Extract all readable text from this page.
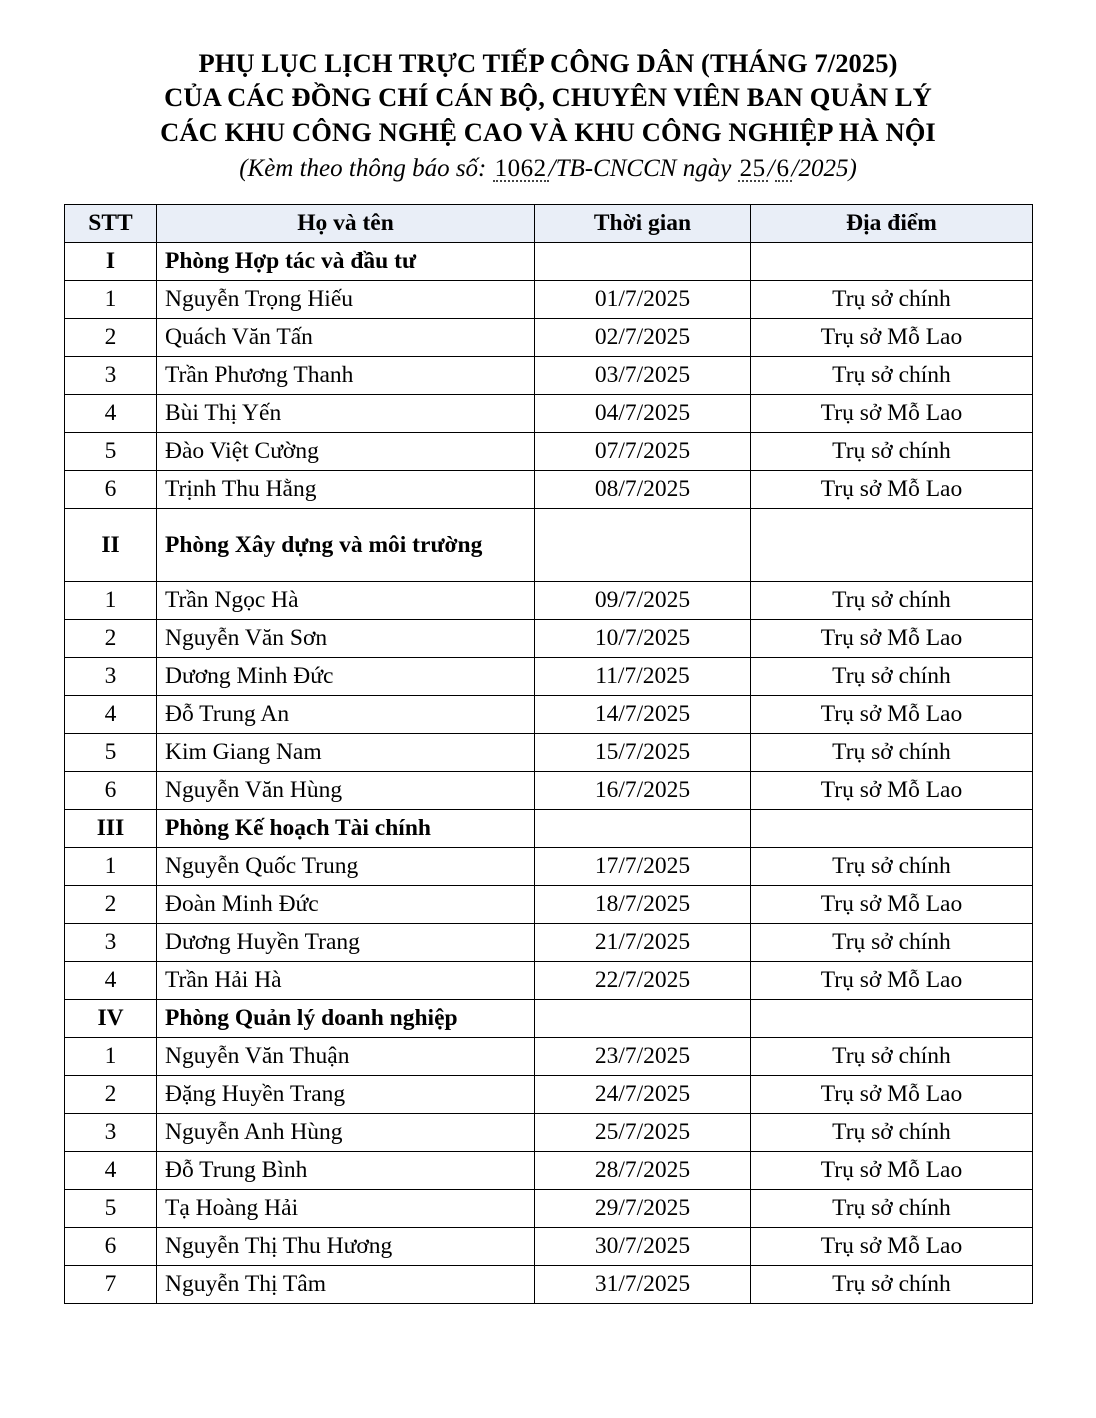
PHỤ LỤC LỊCH TRỰC TIẾP CÔNG DÂN (THÁNG 7/2025)
CỦA CÁC ĐỒNG CHÍ CÁN BỘ, CHUYÊN VIÊN BAN QUẢN LÝ
CÁC KHU CÔNG NGHỆ CAO VÀ KHU CÔNG NGHIỆP HÀ NỘI
(Kèm theo thông báo số: 1062/TB-CNCCN ngày 25/6/2025)
STT	Họ và tên	Thời gian	Địa điểm
I	Phòng Hợp tác và đầu tư		
1	Nguyễn Trọng Hiếu	01/7/2025	Trụ sở chính
2	Quách Văn Tấn	02/7/2025	Trụ sở Mỗ Lao
3	Trần Phương Thanh	03/7/2025	Trụ sở chính
4	Bùi Thị Yến	04/7/2025	Trụ sở Mỗ Lao
5	Đào Việt Cường	07/7/2025	Trụ sở chính
6	Trịnh Thu Hằng	08/7/2025	Trụ sở Mỗ Lao
II	Phòng Xây dựng và môi trường		
1	Trần Ngọc Hà	09/7/2025	Trụ sở chính
2	Nguyễn Văn Sơn	10/7/2025	Trụ sở Mỗ Lao
3	Dương Minh Đức	11/7/2025	Trụ sở chính
4	Đỗ Trung An	14/7/2025	Trụ sở Mỗ Lao
5	Kim Giang Nam	15/7/2025	Trụ sở chính
6	Nguyễn Văn Hùng	16/7/2025	Trụ sở Mỗ Lao
III	Phòng Kế hoạch Tài chính		
1	Nguyễn Quốc Trung	17/7/2025	Trụ sở chính
2	Đoàn Minh Đức	18/7/2025	Trụ sở Mỗ Lao
3	Dương Huyền Trang	21/7/2025	Trụ sở chính
4	Trần Hải Hà	22/7/2025	Trụ sở Mỗ Lao
IV	Phòng Quản lý doanh nghiệp		
1	Nguyễn Văn Thuận	23/7/2025	Trụ sở chính
2	Đặng Huyền Trang	24/7/2025	Trụ sở Mỗ Lao
3	Nguyễn Anh Hùng	25/7/2025	Trụ sở chính
4	Đỗ Trung Bình	28/7/2025	Trụ sở Mỗ Lao
5	Tạ Hoàng Hải	29/7/2025	Trụ sở chính
6	Nguyễn Thị Thu Hương	30/7/2025	Trụ sở Mỗ Lao
7	Nguyễn Thị Tâm	31/7/2025	Trụ sở chính
